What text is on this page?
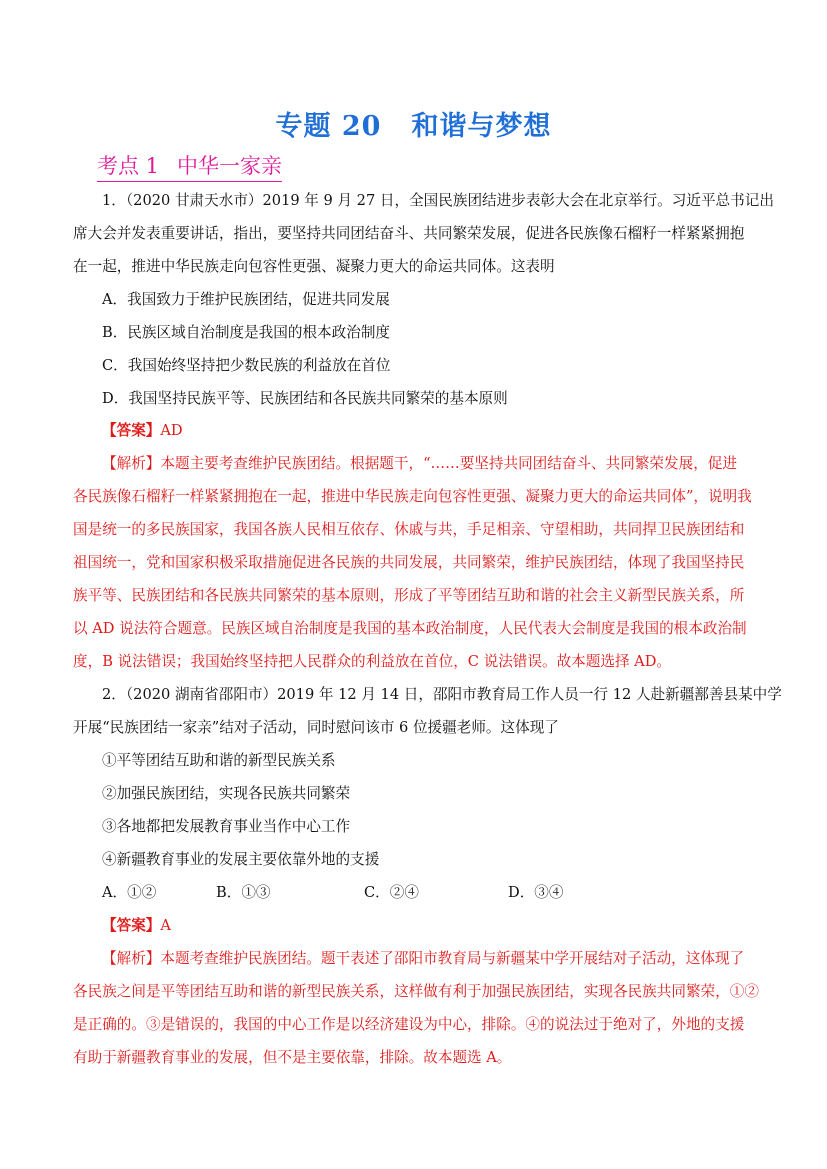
专题 20 和谐与梦想
考点 1 中华一家亲
1．（2020 甘肃天水市）2019 年 9 月 27 日，全国民族团结进步表彰大会在北京举行。习近平总书记出
席大会并发表重要讲话，指出，要坚持共同团结奋斗、共同繁荣发展，促进各民族像石榴籽一样紧紧拥抱
在一起，推进中华民族走向包容性更强、凝聚力更大的命运共同体。这表明
A．我国致力于维护民族团结，促进共同发展
B．民族区域自治制度是我国的根本政治制度
C．我国始终坚持把少数民族的利益放在首位
D．我国坚持民族平等、民族团结和各民族共同繁荣的基本原则
【答案】AD
【解析】本题主要考查维护民族团结。根据题干，“……要坚持共同团结奋斗、共同繁荣发展，促进
各民族像石榴籽一样紧紧拥抱在一起，推进中华民族走向包容性更强、凝聚力更大的命运共同体”，说明我
国是统一的多民族国家，我国各族人民相互依存、休戚与共，手足相亲、守望相助，共同捍卫民族团结和
祖国统一，党和国家积极采取措施促进各民族的共同发展，共同繁荣，维护民族团结，体现了我国坚持民
族平等、民族团结和各民族共同繁荣的基本原则，形成了平等团结互助和谐的社会主义新型民族关系，所
以 AD 说法符合题意。民族区域自治制度是我国的基本政治制度，人民代表大会制度是我国的根本政治制
度，B 说法错误；我国始终坚持把人民群众的利益放在首位，C 说法错误。故本题选择 AD。
2．（2020 湖南省邵阳市）2019 年 12 月 14 日，邵阳市教育局工作人员一行 12 人赴新疆鄯善县某中学
开展“民族团结一家亲”结对子活动，同时慰问该市 6 位援疆老师。这体现了
①平等团结互助和谐的新型民族关系
②加强民族团结，实现各民族共同繁荣
③各地都把发展教育事业当作中心工作
④新疆教育事业的发展主要依靠外地的支援
A．①②	B．①③	C．②④	D．③④
【答案】A
【解析】本题考查维护民族团结。题干表述了邵阳市教育局与新疆某中学开展结对子活动，这体现了
各民族之间是平等团结互助和谐的新型民族关系，这样做有利于加强民族团结，实现各民族共同繁荣，①②
是正确的。③是错误的，我国的中心工作是以经济建设为中心，排除。④的说法过于绝对了，外地的支援
有助于新疆教育事业的发展，但不是主要依靠，排除。故本题选 A。
